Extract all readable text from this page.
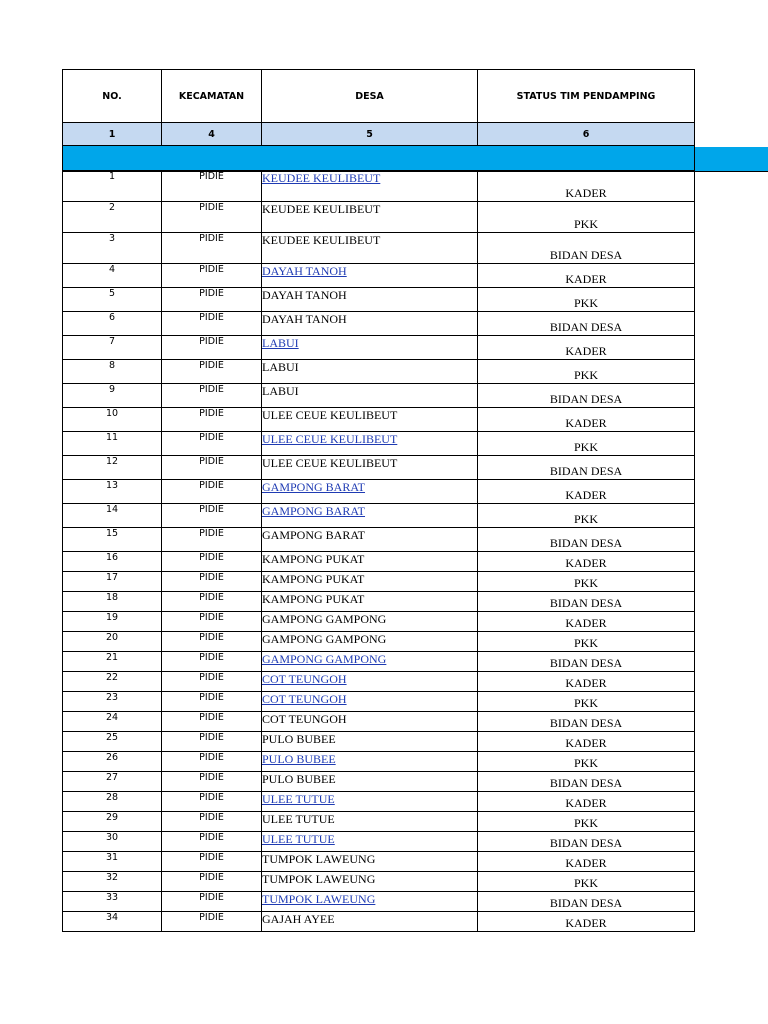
NO.	KECAMATAN	DESA	STATUS TIM PENDAMPING
1	4	5	6

1	PIDIE	KEUDEE KEULIBEUT	KADER
2	PIDIE	KEUDEE KEULIBEUT	PKK
3	PIDIE	KEUDEE KEULIBEUT	BIDAN DESA
4	PIDIE	DAYAH TANOH	KADER
5	PIDIE	DAYAH TANOH	PKK
6	PIDIE	DAYAH TANOH	BIDAN DESA
7	PIDIE	LABUI	KADER
8	PIDIE	LABUI	PKK
9	PIDIE	LABUI	BIDAN DESA
10	PIDIE	ULEE CEUE KEULIBEUT	KADER
11	PIDIE	ULEE CEUE KEULIBEUT	PKK
12	PIDIE	ULEE CEUE KEULIBEUT	BIDAN DESA
13	PIDIE	GAMPONG BARAT	KADER
14	PIDIE	GAMPONG BARAT	PKK
15	PIDIE	GAMPONG BARAT	BIDAN DESA
16	PIDIE	KAMPONG PUKAT	KADER
17	PIDIE	KAMPONG PUKAT	PKK
18	PIDIE	KAMPONG PUKAT	BIDAN DESA
19	PIDIE	GAMPONG GAMPONG	KADER
20	PIDIE	GAMPONG GAMPONG	PKK
21	PIDIE	GAMPONG GAMPONG	BIDAN DESA
22	PIDIE	COT TEUNGOH	KADER
23	PIDIE	COT TEUNGOH	PKK
24	PIDIE	COT TEUNGOH	BIDAN DESA
25	PIDIE	PULO BUBEE	KADER
26	PIDIE	PULO BUBEE	PKK
27	PIDIE	PULO BUBEE	BIDAN DESA
28	PIDIE	ULEE TUTUE	KADER
29	PIDIE	ULEE TUTUE	PKK
30	PIDIE	ULEE TUTUE	BIDAN DESA
31	PIDIE	TUMPOK LAWEUNG	KADER
32	PIDIE	TUMPOK LAWEUNG	PKK
33	PIDIE	TUMPOK LAWEUNG	BIDAN DESA
34	PIDIE	GAJAH AYEE	KADER
